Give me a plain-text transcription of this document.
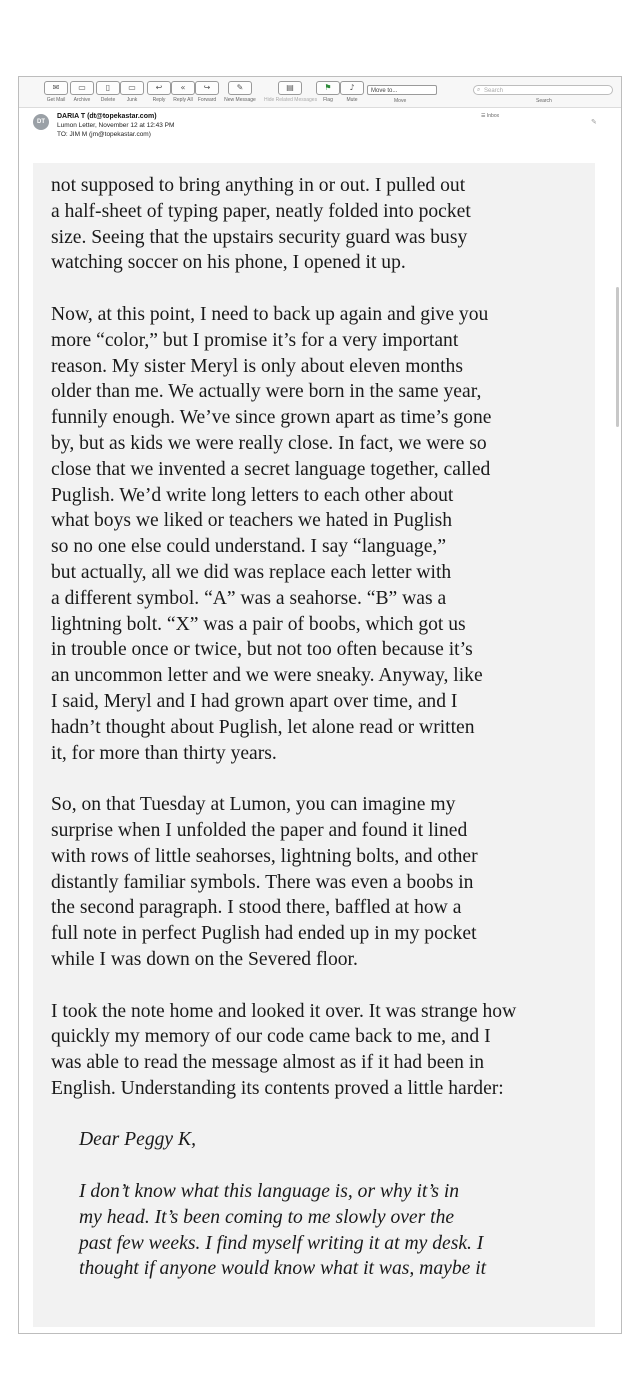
✉
Get Mail
▭
Archive
▯
Delete
▭
Junk
↩
Reply
«
Reply All
↪
Forward
✎
New Message
▤
Hide Related Messages
⚑
Flag
♪
Mute
Move to...
Move
⌕ Search
Search
DT
DARIA T (dt@topekastar.com)
Lumon Letter, November 12 at 12:43 PM
TO: JIM M (jm@topekastar.com)
☰ Inbox
✎
not supposed to bring anything in or out. I pulled out
a half-sheet of typing paper, neatly folded into pocket
size. Seeing that the upstairs security guard was busy
watching soccer on his phone, I opened it up.
Now, at this point, I need to back up again and give you
more “color,” but I promise it’s for a very important
reason. My sister Meryl is only about eleven months
older than me. We actually were born in the same year,
funnily enough. We’ve since grown apart as time’s gone
by, but as kids we were really close. In fact, we were so
close that we invented a secret language together, called
Puglish. We’d write long letters to each other about
what boys we liked or teachers we hated in Puglish
so no one else could understand. I say “language,”
but actually, all we did was replace each letter with
a different symbol. “A” was a seahorse. “B” was a
lightning bolt. “X” was a pair of boobs, which got us
in trouble once or twice, but not too often because it’s
an uncommon letter and we were sneaky. Anyway, like
I said, Meryl and I had grown apart over time, and I
hadn’t thought about Puglish, let alone read or written
it, for more than thirty years.
So, on that Tuesday at Lumon, you can imagine my
surprise when I unfolded the paper and found it lined
with rows of little seahorses, lightning bolts, and other
distantly familiar symbols. There was even a boobs in
the second paragraph. I stood there, baffled at how a
full note in perfect Puglish had ended up in my pocket
while I was down on the Severed floor.
I took the note home and looked it over. It was strange how
quickly my memory of our code came back to me, and I
was able to read the message almost as if it had been in
English. Understanding its contents proved a little harder:
Dear Peggy K,
I don’t know what this language is, or why it’s in
my head. It’s been coming to me slowly over the
past few weeks. I find myself writing it at my desk. I
thought if anyone would know what it was, maybe it
